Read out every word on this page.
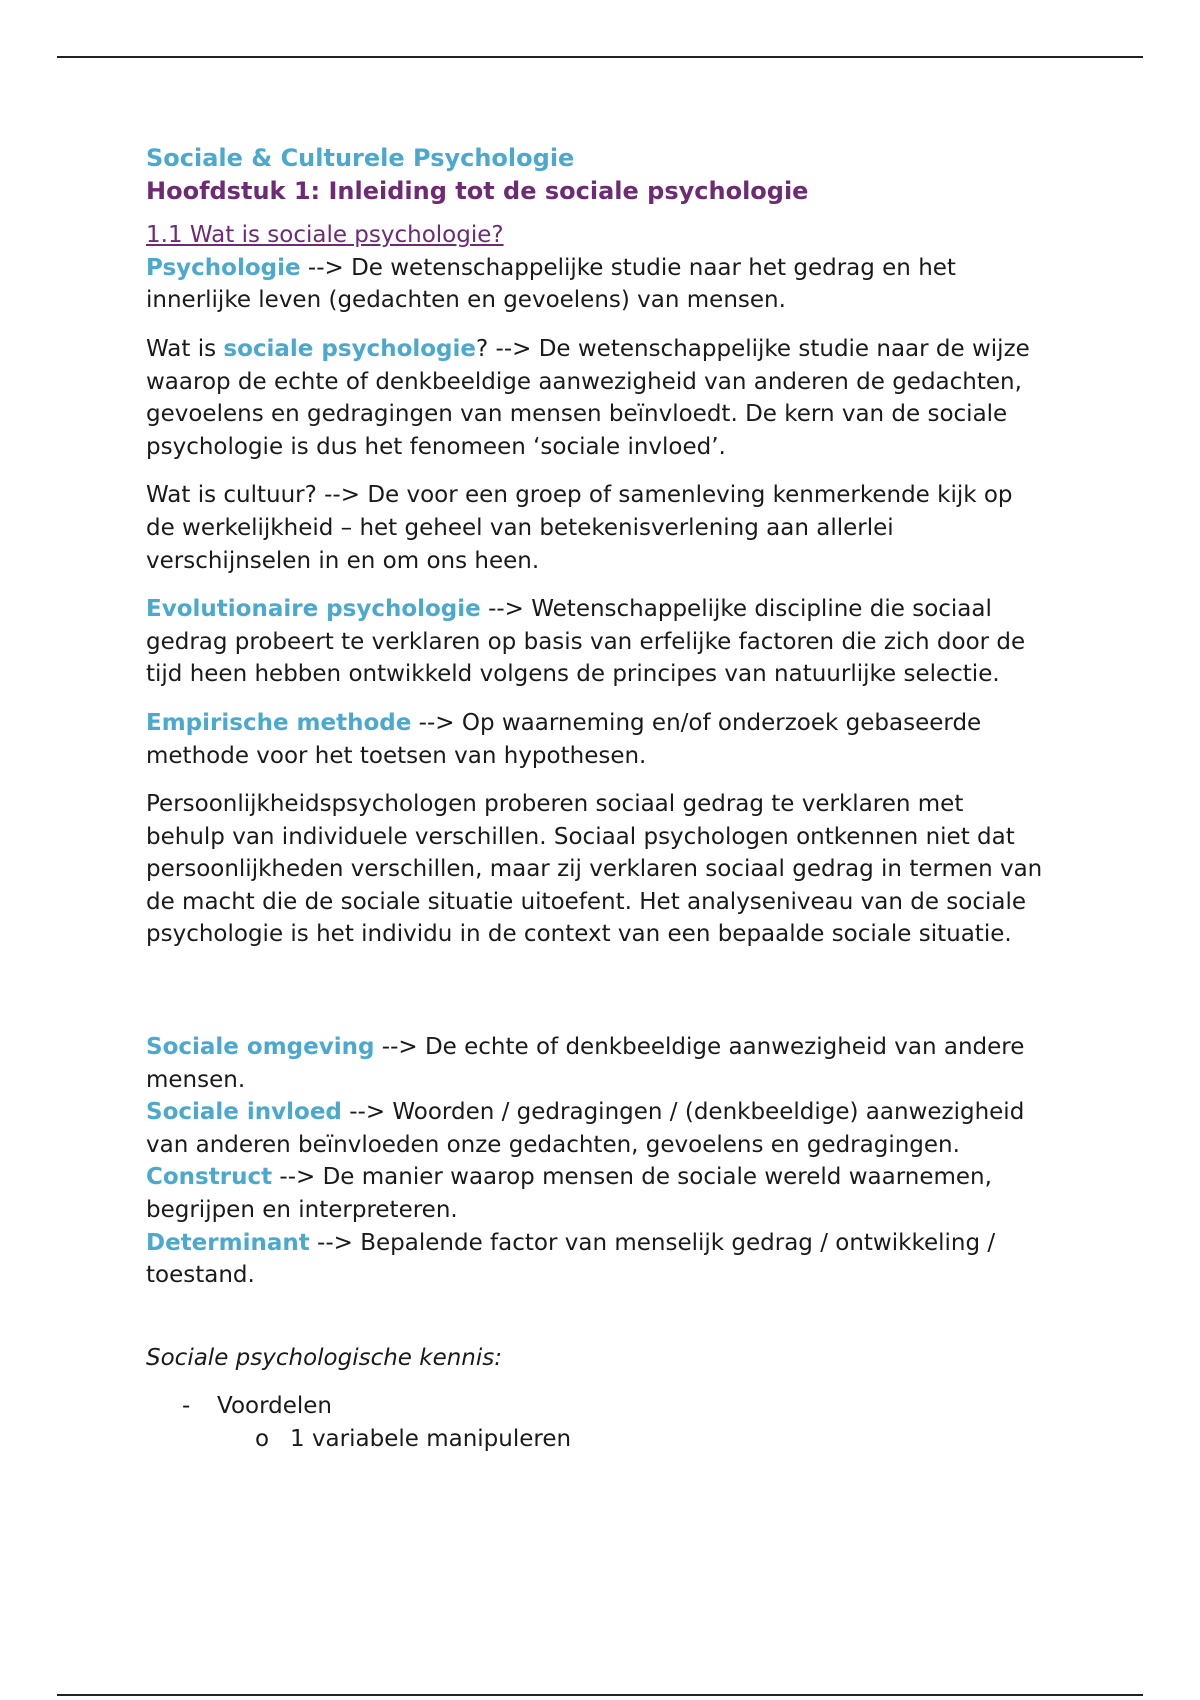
Sociale & Culturele Psychologie
Hoofdstuk 1: Inleiding tot de sociale psychologie
1.1 Wat is sociale psychologie?

Psychologie --> De wetenschappelijke studie naar het gedrag en het innerlijke leven (gedachten en gevoelens) van mensen.

Wat is sociale psychologie? --> De wetenschappelijke studie naar de wijze waarop de echte of denkbeeldige aanwezigheid van anderen de gedachten, gevoelens en gedragingen van mensen beïnvloedt. De kern van de sociale psychologie is dus het fenomeen ‘sociale invloed’.

Wat is cultuur? --> De voor een groep of samenleving kenmerkende kijk op de werkelijkheid – het geheel van betekenisverlening aan allerlei verschijnselen in en om ons heen.

Evolutionaire psychologie --> Wetenschappelijke discipline die sociaal gedrag probeert te verklaren op basis van erfelijke factoren die zich door de tijd heen hebben ontwikkeld volgens de principes van natuurlijke selectie.

Empirische methode --> Op waarneming en/of onderzoek gebaseerde methode voor het toetsen van hypothesen.

Persoonlijkheidspsychologen proberen sociaal gedrag te verklaren met behulp van individuele verschillen. Sociaal psychologen ontkennen niet dat persoonlijkheden verschillen, maar zij verklaren sociaal gedrag in termen van de macht die de sociale situatie uitoefent. Het analyseniveau van de sociale psychologie is het individu in de context van een bepaalde sociale situatie.

Sociale omgeving --> De echte of denkbeeldige aanwezigheid van andere mensen.
Sociale invloed --> Woorden / gedragingen / (denkbeeldige) aanwezigheid van anderen beïnvloeden onze gedachten, gevoelens en gedragingen.
Construct --> De manier waarop mensen de sociale wereld waarnemen, begrijpen en interpreteren.
Determinant --> Bepalende factor van menselijk gedrag / ontwikkeling / toestand.
Sociale psychologische kennis:
- Voordelen
o 1 variabele manipuleren
